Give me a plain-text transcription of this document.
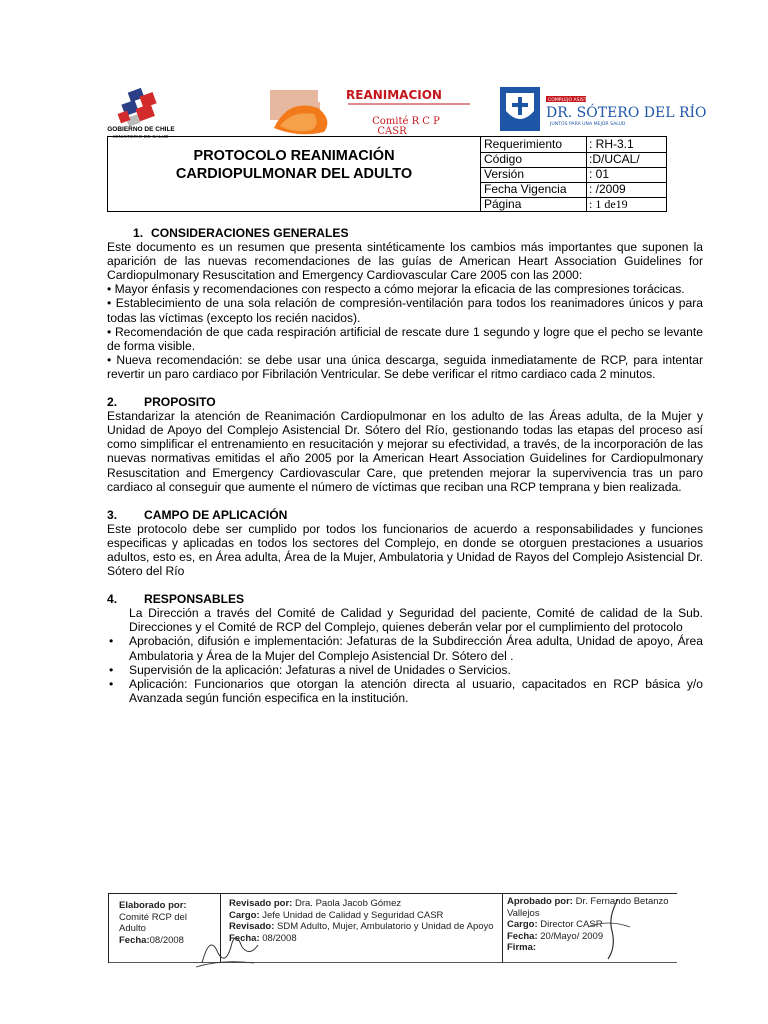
GOBIERNO DE CHILE
MINISTERIO DE SALUD
REANIMACION
Comité R C P
CASR
COMPLEJO ASISTENCIAL
DR. SÓTERO DEL RÍO
JUNTOS PARA UNA MEJOR SALUD
PROTOCOLO REANIMACIÓN
CARDIOPULMONAR DEL ADULTO
Requerimiento : RH-3.1
Código	:D/UCAL/
Versión	: 01
Fecha Vigencia : /2009
Página	: 1 de19
1. CONSIDERACIONES GENERALES

Este documento es un resumen que presenta sintéticamente los cambios más importantes que suponen la aparición de las nuevas recomendaciones de las guías de American Heart Association Guidelines for Cardiopulmonary Resuscitation and Emergency Cardiovascular Care 2005 con las 2000:

• Mayor énfasis y recomendaciones con respecto a cómo mejorar la eficacia de las compresiones torácicas.

• Establecimiento de una sola relación de compresión-ventilación para todos los reanimadores únicos y para todas las víctimas (excepto los recién nacidos).

• Recomendación de que cada respiración artificial de rescate dure 1 segundo y logre que el pecho se levante de forma visible.

• Nueva recomendación: se debe usar una única descarga, seguida inmediatamente de RCP, para intentar revertir un paro cardiaco por Fibrilación Ventricular. Se debe verificar el ritmo cardiaco cada 2 minutos.

2. PROPOSITO

Estandarizar la atención de Reanimación Cardiopulmonar en los adulto de las Áreas adulta, de la Mujer y Unidad de Apoyo del Complejo Asistencial Dr. Sótero del Río, gestionando todas las etapas del proceso así como simplificar el entrenamiento en resucitación y mejorar su efectividad, a través, de la incorporación de las nuevas normativas emitidas el año 2005 por la American Heart Association Guidelines for Cardiopulmonary Resuscitation and Emergency Cardiovascular Care, que pretenden mejorar la supervivencia tras un paro cardiaco al conseguir que aumente el número de víctimas que reciban una RCP temprana y bien realizada.

3. CAMPO DE APLICACIÓN

Este protocolo debe ser cumplido por todos los funcionarios de acuerdo a responsabilidades y funciones especificas y aplicadas en todos los sectores del Complejo, en donde se otorguen prestaciones a usuarios adultos, esto es, en Área adulta, Área de la Mujer, Ambulatoria y Unidad de Rayos del Complejo Asistencial Dr. Sótero del Río

4. RESPONSABLES

La Dirección a través del Comité de Calidad y Seguridad del paciente, Comité de calidad de la Sub. Direcciones y el Comité de RCP del Complejo, quienes deberán velar por el cumplimiento del protocolo

• Aprobación, difusión e implementación: Jefaturas de la Subdirección Área adulta, Unidad de apoyo, Área Ambulatoria y Área de la Mujer del Complejo Asistencial Dr. Sótero del .

• Supervisión de la aplicación: Jefaturas a nivel de Unidades o Servicios.

• Aplicación: Funcionarios que otorgan la atención directa al usuario, capacitados en RCP básica y/o Avanzada según función especifica en la institución.

Elaborado por:
Comité RCP del
Adulto
Fecha:08/2008
Revisado por: Dra. Paola Jacob Gómez
Cargo: Jefe Unidad de Calidad y Seguridad CASR
Revisado: SDM Adulto, Mujer, Ambulatorio y Unidad de Apoyo
Fecha: 08/2008
Aprobado por: Dr. Fernando Betanzo Vallejos
Cargo: Director CASR
Fecha: 20/Mayo/ 2009
Firma:
